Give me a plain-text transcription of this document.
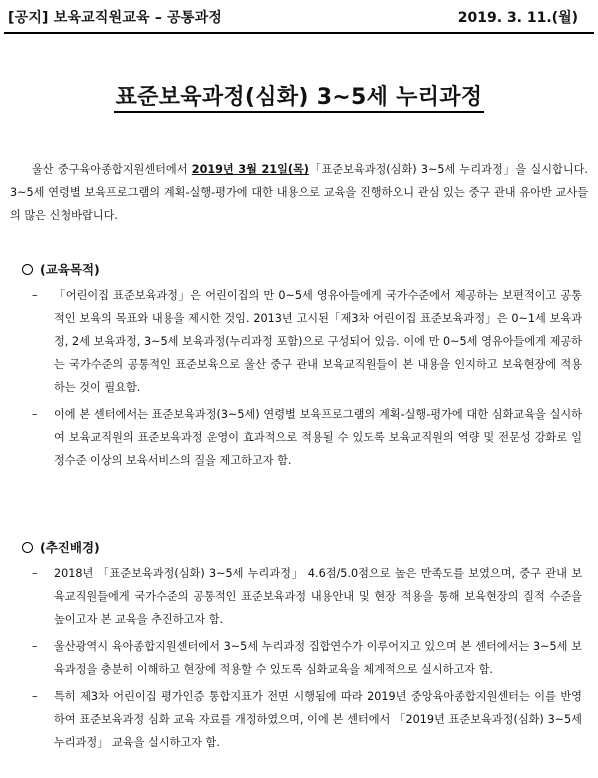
[공지] 보육교직원교육 – 공통과정	2019. 3. 11.(월)
표준보육과정(심화) 3~5세 누리과정

울산 중구육아종합지원센터에서 2019년 3월 21일(목)「표준보육과정(심화) 3~5세 누리과정」을 실시합니다. 3~5세 연령별 보육프로그램의 계획-실행-평가에 대한 내용으로 교육을 진행하오니 관심 있는 중구 관내 유아반 교사들의 많은 신청바랍니다.

(교육목적)
– 「어린이집 표준보육과정」은 어린이집의 만 0~5세 영유아들에게 국가수준에서 제공하는 보편적이고 공통적인 보육의 목표와 내용을 제시한 것임. 2013년 고시된「제3차 어린이집 표준보육과정」은 0~1세 보육과정, 2세 보육과정, 3~5세 보육과정(누리과정 포함)으로 구성되어 있음. 이에 만 0~5세 영유아들에게 제공하는 국가수준의 공통적인 표준보육으로 울산 중구 관내 보육교직원들이 본 내용을 인지하고 보육현장에 적용하는 것이 필요함.
– 이에 본 센터에서는 표준보육과정(3~5세) 연령별 보육프로그램의 계획-실행-평가에 대한 심화교육을 실시하여 보육교직원의 표준보육과정 운영이 효과적으로 적용될 수 있도록 보육교직원의 역량 및 전문성 강화로 일정수준 이상의 보육서비스의 질을 제고하고자 함.
(추진배경)
– 2018년 「표준보육과정(심화) 3~5세 누리과정」 4.6점/5.0점으로 높은 만족도를 보였으며, 중구 관내 보육교직원들에게 국가수준의 공통적인 표준보육과정 내용안내 및 현장 적용을 통해 보육현장의 질적 수준을 높이고자 본 교육을 추진하고자 함.
– 울산광역시 육아종합지원센터에서 3~5세 누리과정 집합연수가 이루어지고 있으며 본 센터에서는 3~5세 보육과정을 충분히 이해하고 현장에 적용할 수 있도록 심화교육을 체계적으로 실시하고자 함.
– 특히 제3차 어린이집 평가인증 통합지표가 전면 시행됨에 따라 2019년 중앙육아종합지원센터는 이를 반영하여 표준보육과정 심화 교육 자료를 개정하였으며, 이에 본 센터에서 「2019년 표준보육과정(심화) 3~5세 누리과정」 교육을 실시하고자 함.
